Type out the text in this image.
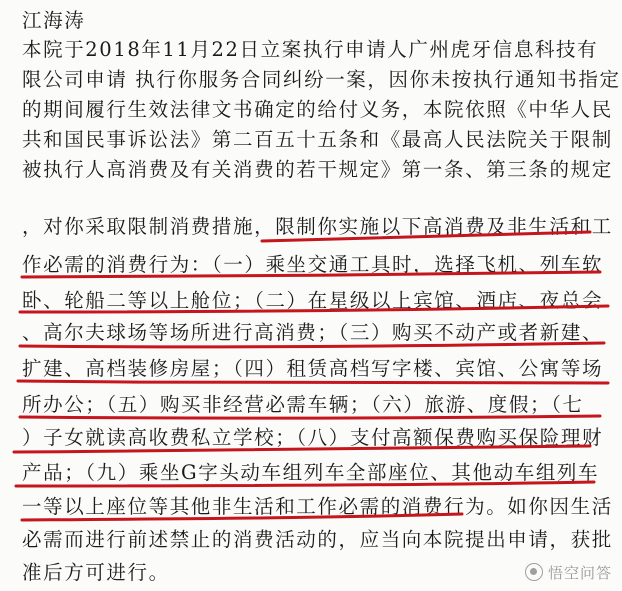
江海涛
本院于2018年11月22日立案执行申请人广州虎牙信息科技有
限公司申请 执行你服务合同纠纷一案，因你未按执行通知书指定
的期间履行生效法律文书确定的给付义务，本院依照《中华人民
共和国民事诉讼法》第二百五十五条和《最高人民法院关于限制
被执行人高消费及有关消费的若干规定》第一条、第三条的规定
，对你采取限制消费措施，限制你实施以下高消费及非生活和工
作必需的消费行为：（一）乘坐交通工具时，选择飞机、列车软
卧、轮船二等以上舱位；（二）在星级以上宾馆、酒店、夜总会
、高尔夫球场等场所进行高消费；（三）购买不动产或者新建、
扩建、高档装修房屋；（四）租赁高档写字楼、宾馆、公寓等场
所办公；（五）购买非经营必需车辆；（六）旅游、度假；（七
）子女就读高收费私立学校；（八）支付高额保费购买保险理财
产品；（九）乘坐G字头动车组列车全部座位、其他动车组列车
一等以上座位等其他非生活和工作必需的消费行为。如你因生活
必需而进行前述禁止的消费活动的，应当向本院提出申请，获批
准后方可进行。	悟空问答
